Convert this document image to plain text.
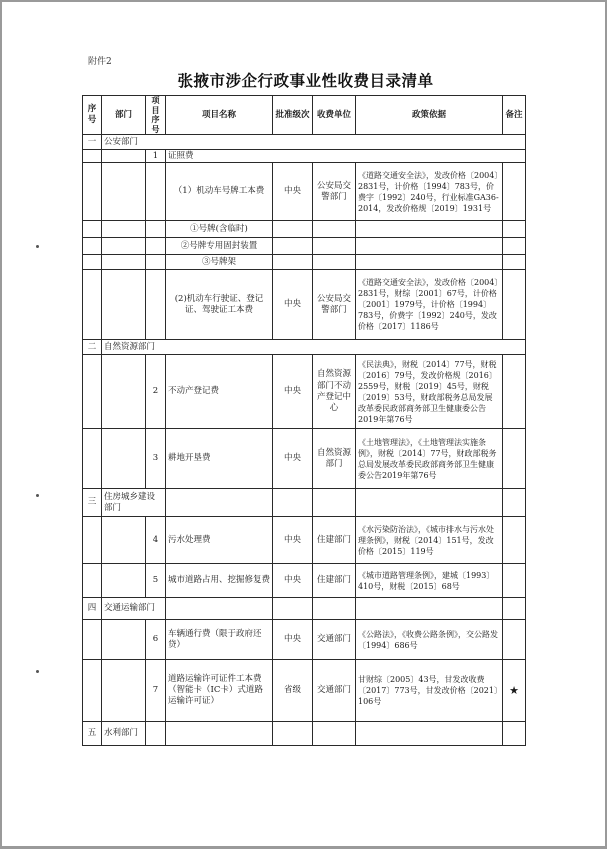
附件2
张掖市涉企行政事业性收费目录清单
序号	部门	项目序号	项目名称	批准级次	收费单位	政策依据	备注
一	公安部门						
		1	证照费				
			（1）机动车号牌工本费	中央	公安局交警部门	《道路交通安全法》，发改价格〔2004〕2831号，计价格〔1994〕783号，价费字〔1992〕240号，行业标准GA36-2014，发改价格规〔2019〕1931号	
			①号牌(含临时)				
			②号牌专用固封装置				
			③号牌架				
			(2)机动车行驶证、登记证、驾驶证工本费	中央	公安局交警部门	《道路交通安全法》，发改价格〔2004〕2831号，财综〔2001〕67号，计价格〔2001〕1979号，计价格〔1994〕783号，价费字〔1992〕240号，发改价格〔2017〕1186号	
二	自然资源部门						
		2	不动产登记费	中央	自然资源部门不动产登记中心	《民法典》，财税〔2014〕77号，财税〔2016〕79号，发改价格规〔2016〕2559号，财税〔2019〕45号，财税〔2019〕53号，财政部税务总局发展改革委民政部商务部卫生健康委公告2019年第76号	
		3	耕地开垦费	中央	自然资源部门	《土地管理法》，《土地管理法实施条例》，财税〔2014〕77号，财政部税务总局发展改革委民政部商务部卫生健康委公告2019年第76号	
三	住房城乡建设部门						
		4	污水处理费	中央	住建部门	《水污染防治法》，《城市排水与污水处理条例》，财税〔2014〕151号，发改价格〔2015〕119号	
		5	城市道路占用、挖掘修复费	中央	住建部门	《城市道路管理条例》，建城〔1993〕410号，财税〔2015〕68号	
四	交通运输部门						
		6	车辆通行费（限于政府还贷）	中央	交通部门	《公路法》，《收费公路条例》，交公路发〔1994〕686号	
		7	道路运输许可证件工本费（智能卡（IC卡）式道路运输许可证）	省级	交通部门	甘财综〔2005〕43号，甘发改收费〔2017〕773号，甘发改价格〔2021〕106号	★
五	水利部门						
